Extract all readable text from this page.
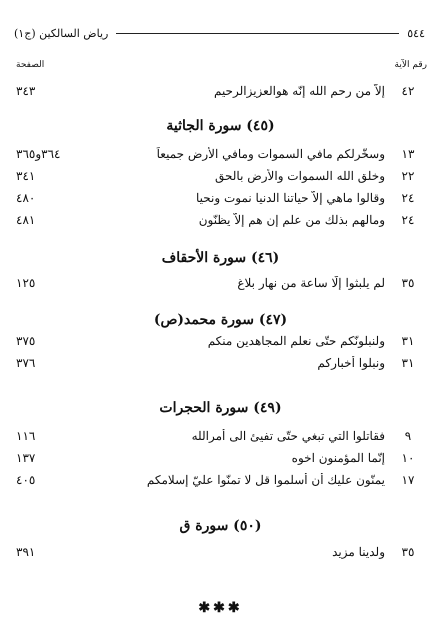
٥٤٤
رياض السالكين (ج١)
رقم الآية
الصفحة
٤٢
إلاّ من رحم الله إنّه هوالعزيزالرحيم
٣٤٣
(٤٥) سورة الجاثية
١٣
وسخّرلكم مافي السموات ومافي الأرض جميعاً
٣٦٤و٣٦٥
٢٢
وخلق الله السموات والأرض بالحق
٣٤١
٢٤
وقالوا ماهي إلاّ حياتنا الدنيا نموت ونحيا
٤٨٠
٢٤
ومالهم بذلك من علم إن هم إلاّ يظنّون
٤٨١
(٤٦) سورة الأحقاف
٣٥
لم يلبثوا إلّا ساعة من نهار بلاغ
١٢٥
(٤٧) سورة محمد(ص)
٣١
ولنبلونّكم حتّى نعلم المجاهدين منكم
٣٧٥
٣١
ونبلوا أخباركم
٣٧٦
(٤٩) سورة الحجرات
٩
فقاتلوا التي تبغي حتّى تفيئ الى أمرالله
١١٦
١٠
إنّما المؤمنون اخوه
١٣٧
١٧
يمنّون عليك أن أسلموا قل لا تمنّوا عليّ إسلامكم
٤٠٥
(٥٠) سورة ق
٣٥
ولدينا مزيد
٣٩١
✱✱✱
